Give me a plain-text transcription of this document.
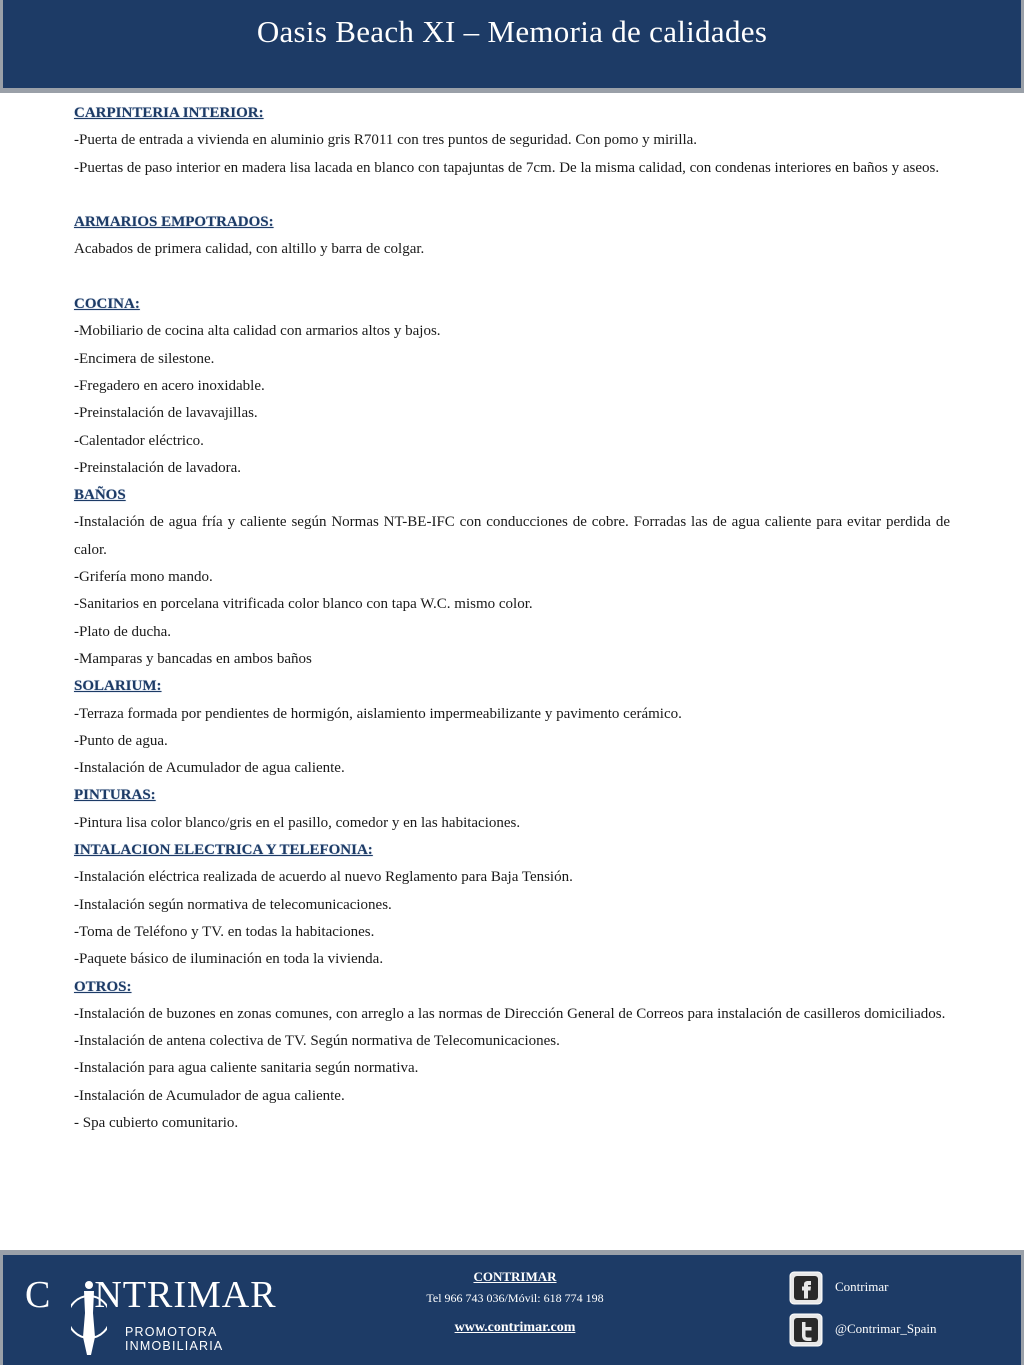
Oasis Beach XI – Memoria de calidades
CARPINTERIA INTERIOR:
-Puerta de entrada a vivienda en aluminio gris R7011 con tres puntos de seguridad. Con pomo y mirilla.
-Puertas de paso interior en madera lisa lacada en blanco con tapajuntas de 7cm. De la misma calidad, con condenas interiores en baños y aseos.
ARMARIOS EMPOTRADOS:
Acabados de primera calidad, con altillo y barra de colgar.
COCINA:
-Mobiliario de cocina alta calidad con armarios altos y bajos.
-Encimera de silestone.
-Fregadero en acero inoxidable.
-Preinstalación de lavavajillas.
-Calentador eléctrico.
-Preinstalación de lavadora.
BAÑOS
-Instalación de agua fría y caliente según Normas NT-BE-IFC con conducciones de cobre. Forradas las de agua caliente para evitar perdida de calor.
-Grifería mono mando.
-Sanitarios en porcelana vitrificada color blanco con tapa W.C. mismo color.
-Plato de ducha.
-Mamparas y bancadas en ambos baños
SOLARIUM:
-Terraza formada por pendientes de hormigón, aislamiento impermeabilizante y pavimento cerámico.
-Punto de agua.
-Instalación de Acumulador de agua caliente.
PINTURAS:
-Pintura lisa color blanco/gris en el pasillo, comedor y en las habitaciones.
INTALACION ELECTRICA Y TELEFONIA:
-Instalación eléctrica realizada de acuerdo al nuevo Reglamento para Baja Tensión.
-Instalación según normativa de telecomunicaciones.
-Toma de Teléfono y TV. en todas la habitaciones.
-Paquete básico de iluminación en toda la vivienda.
OTROS:
-Instalación de buzones en zonas comunes, con arreglo a las normas de Dirección General de Correos para instalación de casilleros domiciliados.
-Instalación de antena colectiva de TV. Según normativa de Telecomunicaciones.
-Instalación para agua caliente sanitaria según normativa.
-Instalación de Acumulador de agua caliente.
- Spa cubierto comunitario.
CNTRIMAR
PROMOTORA INMOBILIARIA
CONTRIMAR
Tel 966 743 036/Móvil: 618 774 198
www.contrimar.com
Contrimar
@Contrimar_Spain
